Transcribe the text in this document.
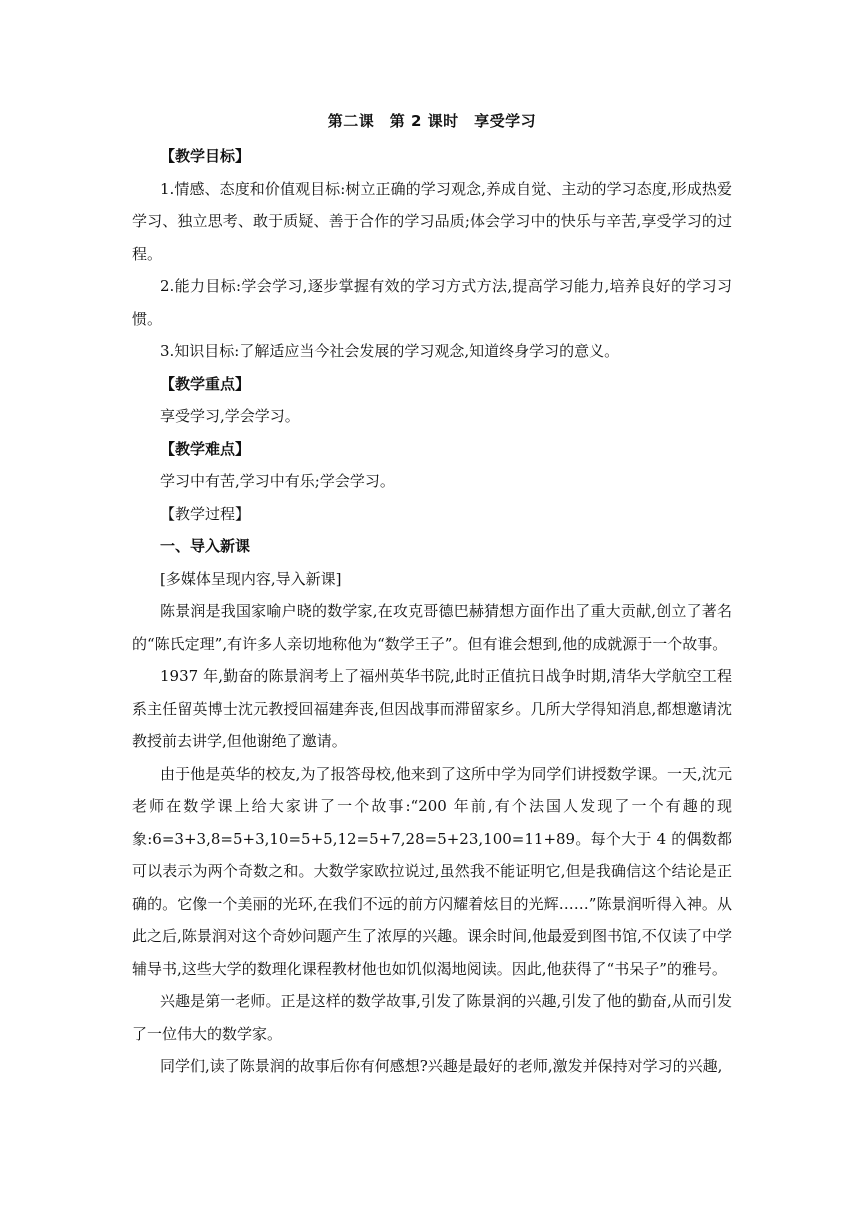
第二课　第 2 课时　享受学习

【教学目标】

1.情感、态度和价值观目标:树立正确的学习观念,养成自觉、主动的学习态度,形成热爱学习、独立思考、敢于质疑、善于合作的学习品质;体会学习中的快乐与辛苦,享受学习的过程。

2.能力目标:学会学习,逐步掌握有效的学习方式方法,提高学习能力,培养良好的学习习惯。

3.知识目标:了解适应当今社会发展的学习观念,知道终身学习的意义。

【教学重点】

享受学习,学会学习。

【教学难点】

学习中有苦,学习中有乐;学会学习。

【教学过程】

一、导入新课

[多媒体呈现内容,导入新课]

陈景润是我国家喻户晓的数学家,在攻克哥德巴赫猜想方面作出了重大贡献,创立了著名的“陈氏定理”,有许多人亲切地称他为“数学王子”。但有谁会想到,他的成就源于一个故事。

1937 年,勤奋的陈景润考上了福州英华书院,此时正值抗日战争时期,清华大学航空工程系主任留英博士沈元教授回福建奔丧,但因战事而滞留家乡。几所大学得知消息,都想邀请沈教授前去讲学,但他谢绝了邀请。

由于他是英华的校友,为了报答母校,他来到了这所中学为同学们讲授数学课。一天,沈元老师在数学课上给大家讲了一个故事:“200 年前,有个法国人发现了一个有趣的现象:6=3+3,8=5+3,10=5+5,12=5+7,28=5+23,100=11+89。每个大于 4 的偶数都可以表示为两个奇数之和。大数学家欧拉说过,虽然我不能证明它,但是我确信这个结论是正确的。它像一个美丽的光环,在我们不远的前方闪耀着炫目的光辉……”陈景润听得入神。从此之后,陈景润对这个奇妙问题产生了浓厚的兴趣。课余时间,他最爱到图书馆,不仅读了中学辅导书,这些大学的数理化课程教材他也如饥似渴地阅读。因此,他获得了“书呆子”的雅号。

兴趣是第一老师。正是这样的数学故事,引发了陈景润的兴趣,引发了他的勤奋,从而引发了一位伟大的数学家。

同学们,读了陈景润的故事后你有何感想?兴趣是最好的老师,激发并保持对学习的兴趣,
